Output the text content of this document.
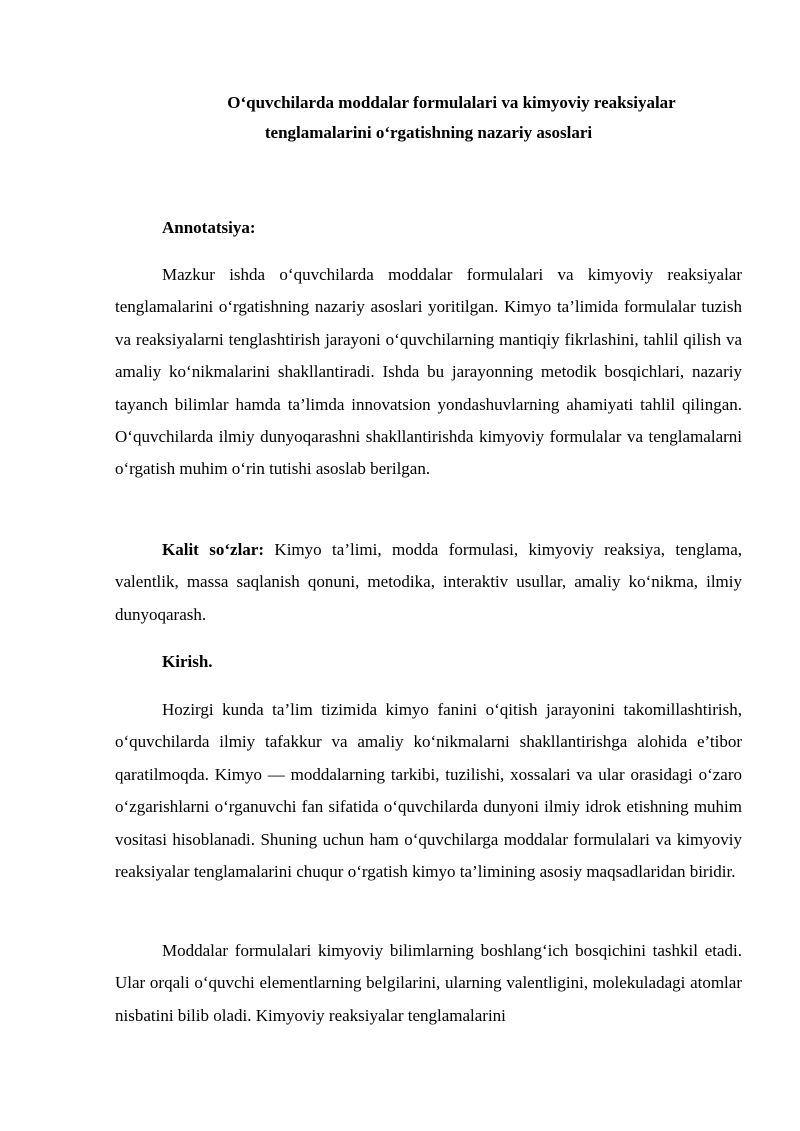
O‘quvchilarda moddalar formulalari va kimyoviy reaksiyalar
tenglamalarini o‘rgatishning nazariy asoslari
Annotatsiya:

Mazkur ishda o‘quvchilarda moddalar formulalari va kimyoviy reaksiyalar tenglamalarini o‘rgatishning nazariy asoslari yoritilgan. Kimyo ta’limida formulalar tuzish va reaksiyalarni tenglashtirish jarayoni o‘quvchilarning mantiqiy fikrlashini, tahlil qilish va amaliy ko‘nikmalarini shakllantiradi. Ishda bu jarayonning metodik bosqichlari, nazariy tayanch bilimlar hamda ta’limda innovatsion yondashuvlarning ahamiyati tahlil qilingan. O‘quvchilarda ilmiy dunyoqarashni shakllantirishda kimyoviy formulalar va tenglamalarni o‘rgatish muhim o‘rin tutishi asoslab berilgan.

Kalit so‘zlar: Kimyo ta’limi, modda formulasi, kimyoviy reaksiya, tenglama, valentlik, massa saqlanish qonuni, metodika, interaktiv usullar, amaliy ko‘nikma, ilmiy dunyoqarash.

Kirish.

Hozirgi kunda ta’lim tizimida kimyo fanini o‘qitish jarayonini takomillashtirish, o‘quvchilarda ilmiy tafakkur va amaliy ko‘nikmalarni shakllantirishga alohida e’tibor qaratilmoqda. Kimyo — moddalarning tarkibi, tuzilishi, xossalari va ular orasidagi o‘zaro o‘zgarishlarni o‘rganuvchi fan sifatida o‘quvchilarda dunyoni ilmiy idrok etishning muhim vositasi hisoblanadi. Shuning uchun ham o‘quvchilarga moddalar formulalari va kimyoviy reaksiyalar tenglamalarini chuqur o‘rgatish kimyo ta’limining asosiy maqsadlaridan biridir.

Moddalar formulalari kimyoviy bilimlarning boshlang‘ich bosqichini tashkil etadi. Ular orqali o‘quvchi elementlarning belgilarini, ularning valentligini, molekuladagi atomlar nisbatini bilib oladi. Kimyoviy reaksiyalar tenglamalarini
